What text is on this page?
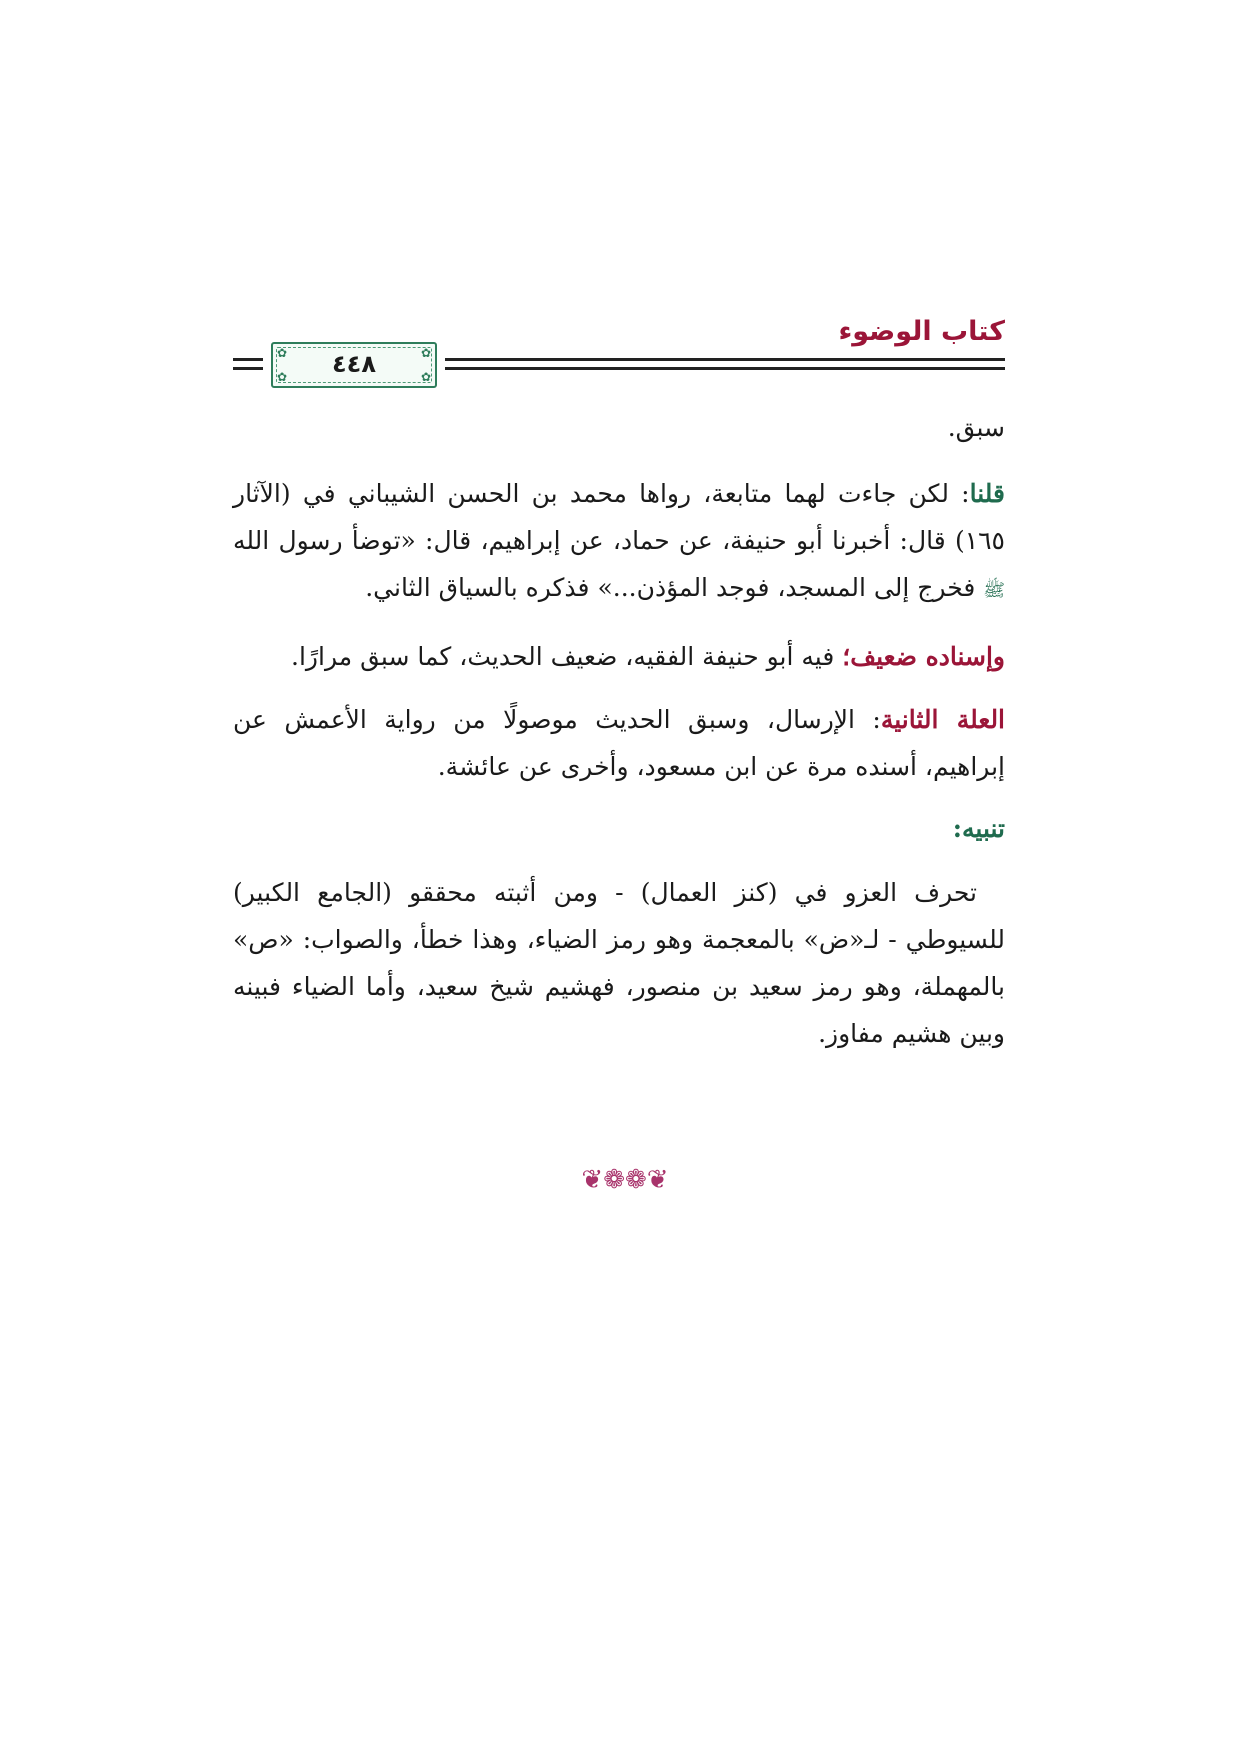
كتاب الوضوء
✿	✿
✿	✿
٤٤٨
سبق.
قلنا: لكن جاءت لهما متابعة، رواها محمد بن الحسن الشيباني في (الآثار ١٦٥) قال: أخبرنا أبو حنيفة، عن حماد، عن إبراهيم، قال: «توضأ رسول الله ﷺ فخرج إلى المسجد، فوجد المؤذن...» فذكره بالسياق الثاني.
وإسناده ضعيف؛ فيه أبو حنيفة الفقيه، ضعيف الحديث، كما سبق مرارًا.
العلة الثانية: الإرسال، وسبق الحديث موصولًا من رواية الأعمش عن إبراهيم، أسنده مرة عن ابن مسعود، وأخرى عن عائشة.
تنبيه:
تحرف العزو في (كنز العمال) - ومن أثبته محققو (الجامع الكبير) للسيوطي - لـ«ض» بالمعجمة وهو رمز الضياء، وهذا خطأ، والصواب: «ص» بالمهملة، وهو رمز سعيد بن منصور، فهشيم شيخ سعيد، وأما الضياء فبينه وبين هشيم مفاوز.
❦❁❁❦
